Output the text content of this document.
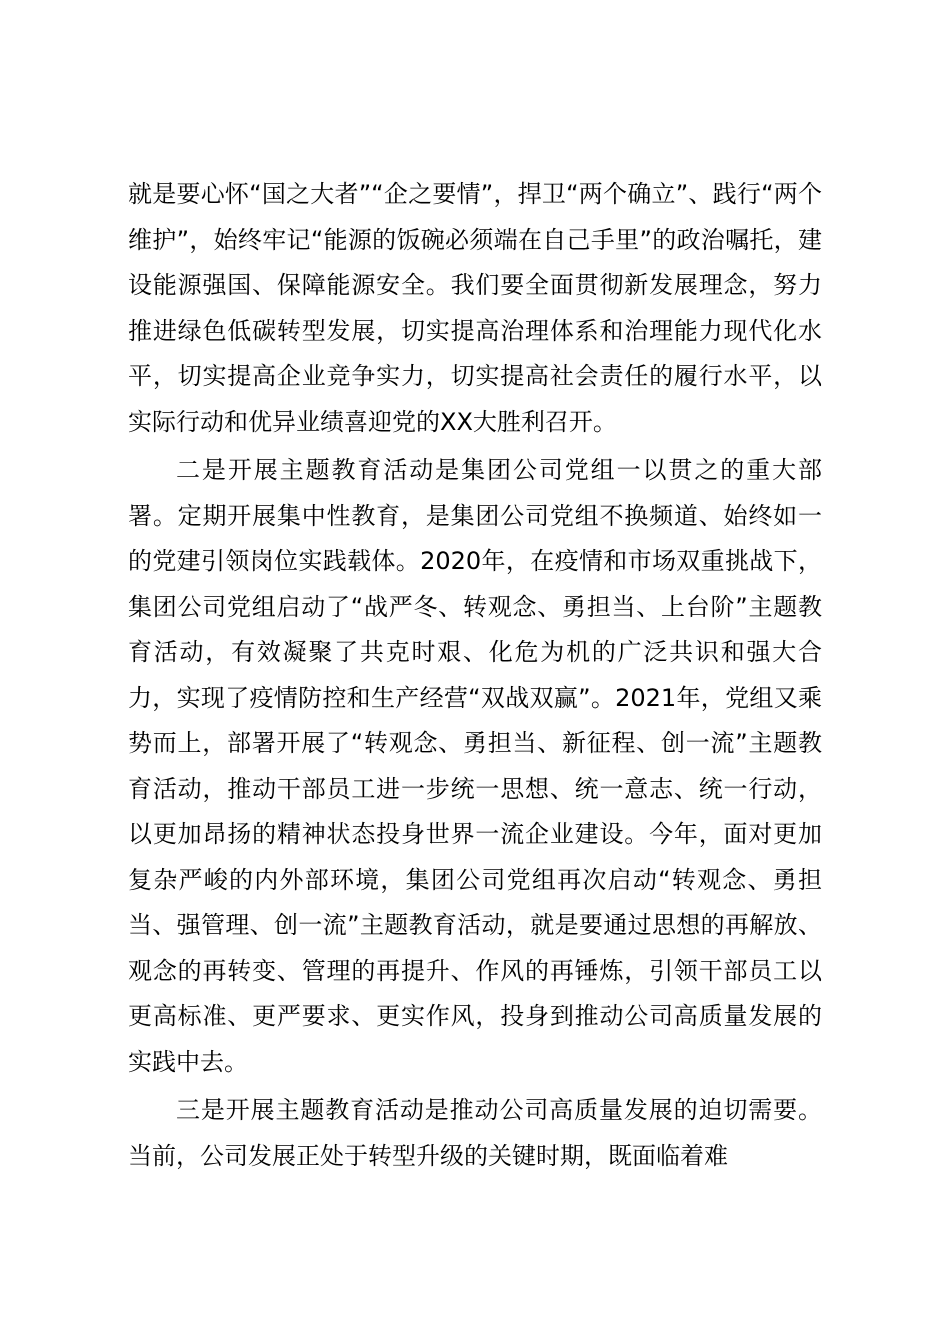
就是要心怀“国之大者”“企之要情”，捍卫“两个确立”、践行“两个维护”，始终牢记“能源的饭碗必须端在自己手里”的政治嘱托，建设能源强国、保障能源安全。我们要全面贯彻新发展理念，努力推进绿色低碳转型发展，切实提高治理体系和治理能力现代化水平，切实提高企业竞争实力，切实提高社会责任的履行水平，以实际行动和优异业绩喜迎党的XX大胜利召开。

二是开展主题教育活动是集团公司党组一以贯之的重大部署。定期开展集中性教育，是集团公司党组不换频道、始终如一的党建引领岗位实践载体。2020年，在疫情和市场双重挑战下，集团公司党组启动了“战严冬、转观念、勇担当、上台阶”主题教育活动，有效凝聚了共克时艰、化危为机的广泛共识和强大合力，实现了疫情防控和生产经营“双战双赢”。2021年，党组又乘势而上，部署开展了“转观念、勇担当、新征程、创一流”主题教育活动，推动干部员工进一步统一思想、统一意志、统一行动，以更加昂扬的精神状态投身世界一流企业建设。今年，面对更加复杂严峻的内外部环境，集团公司党组再次启动“转观念、勇担当、强管理、创一流”主题教育活动，就是要通过思想的再解放、观念的再转变、管理的再提升、作风的再锤炼，引领干部员工以更高标准、更严要求、更实作风，投身到推动公司高质量发展的实践中去。

三是开展主题教育活动是推动公司高质量发展的迫切需要。当前，公司发展正处于转型升级的关键时期，既面临着难
